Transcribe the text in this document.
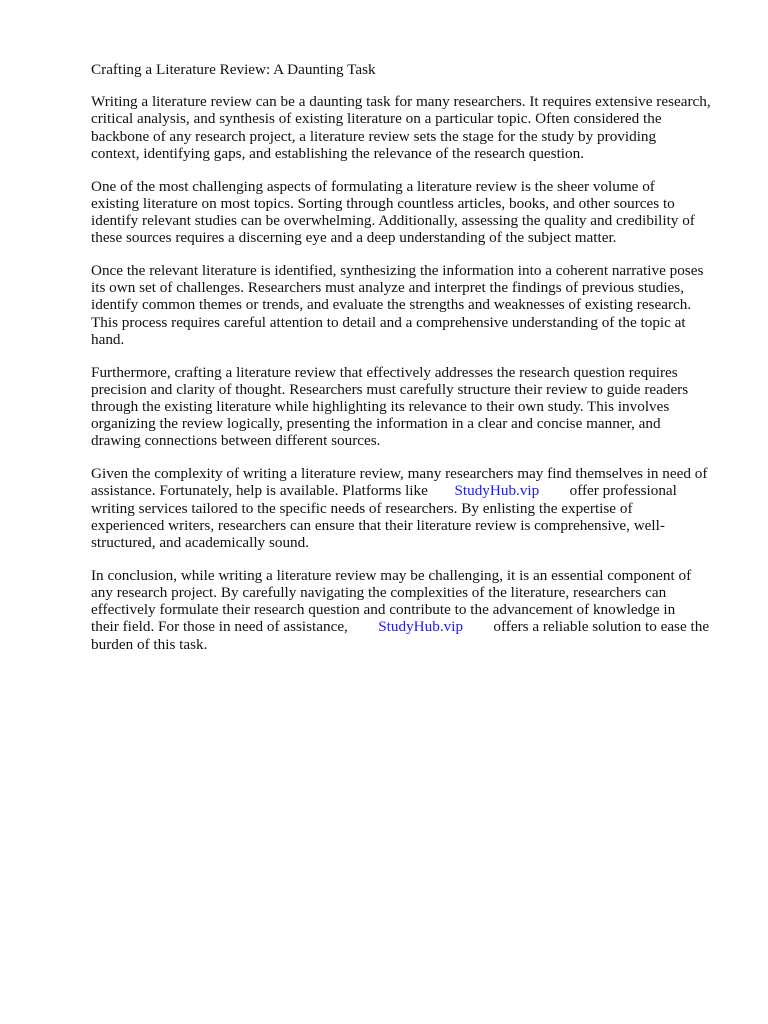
Crafting a Literature Review: A Daunting Task
Writing a literature review can be a daunting task for many researchers. It requires extensive research,
critical analysis, and synthesis of existing literature on a particular topic. Often considered the
backbone of any research project, a literature review sets the stage for the study by providing
context, identifying gaps, and establishing the relevance of the research question.
One of the most challenging aspects of formulating a literature review is the sheer volume of
existing literature on most topics. Sorting through countless articles, books, and other sources to
identify relevant studies can be overwhelming. Additionally, assessing the quality and credibility of
these sources requires a discerning eye and a deep understanding of the subject matter.
Once the relevant literature is identified, synthesizing the information into a coherent narrative poses
its own set of challenges. Researchers must analyze and interpret the findings of previous studies,
identify common themes or trends, and evaluate the strengths and weaknesses of existing research.
This process requires careful attention to detail and a comprehensive understanding of the topic at
hand.
Furthermore, crafting a literature review that effectively addresses the research question requires
precision and clarity of thought. Researchers must carefully structure their review to guide readers
through the existing literature while highlighting its relevance to their own study. This involves
organizing the review logically, presenting the information in a clear and concise manner, and
drawing connections between different sources.
Given the complexity of writing a literature review, many researchers may find themselves in need of
assistance. Fortunately, help is available. Platforms like StudyHub.vip offer professional
writing services tailored to the specific needs of researchers. By enlisting the expertise of
experienced writers, researchers can ensure that their literature review is comprehensive, well-
structured, and academically sound.
In conclusion, while writing a literature review may be challenging, it is an essential component of
any research project. By carefully navigating the complexities of the literature, researchers can
effectively formulate their research question and contribute to the advancement of knowledge in
their field. For those in need of assistance, StudyHub.vip offers a reliable solution to ease the
burden of this task.
